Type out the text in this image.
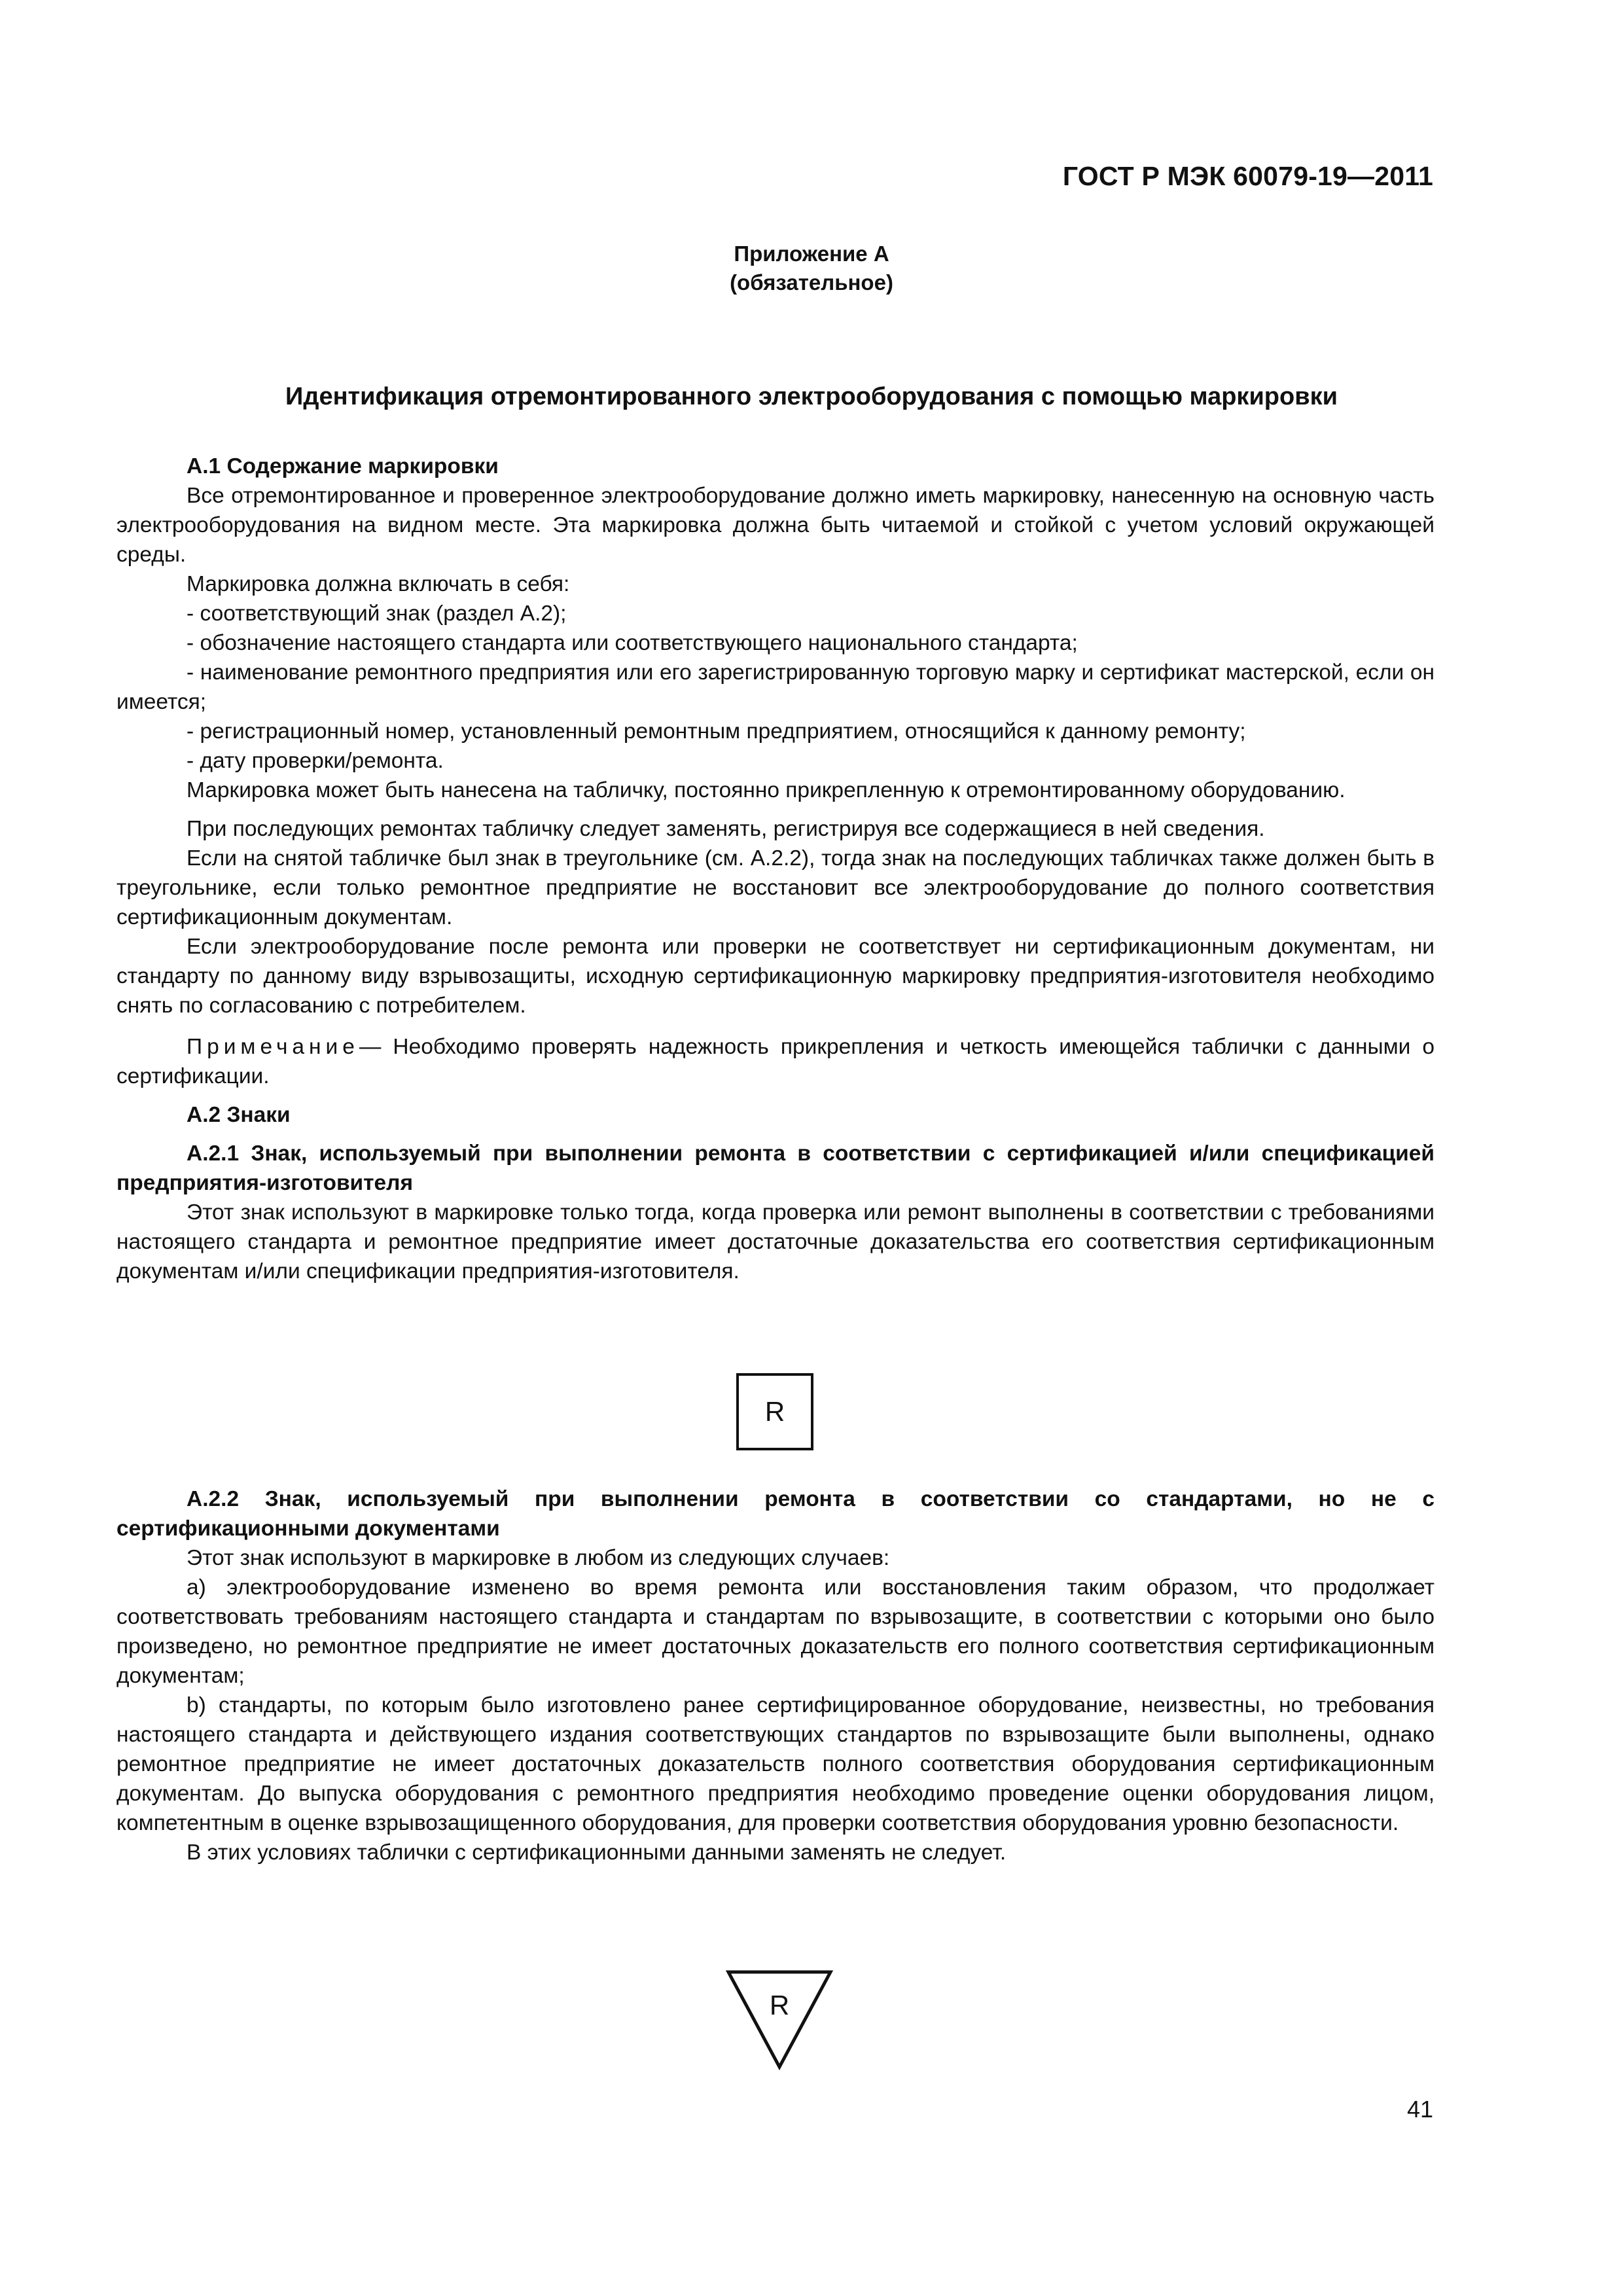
ГОСТ Р МЭК 60079-19—2011
Приложение А
(обязательное)
Идентификация отремонтированного электрооборудования с помощью маркировки

А.1 Содержание маркировки

Все отремонтированное и проверенное электрооборудование должно иметь маркировку, нанесенную на основную часть электрооборудования на видном месте. Эта маркировка должна быть читаемой и стойкой с учетом условий окружающей среды.

Маркировка должна включать в себя:

- соответствующий знак (раздел А.2);

- обозначение настоящего стандарта или соответствующего национального стандарта;

- наименование ремонтного предприятия или его зарегистрированную торговую марку и сертификат мастерской, если он имеется;

- регистрационный номер, установленный ремонтным предприятием, относящийся к данному ремонту;

- дату проверки/ремонта.

Маркировка может быть нанесена на табличку, постоянно прикрепленную к отремонтированному оборудованию.

При последующих ремонтах табличку следует заменять, регистрируя все содержащиеся в ней сведения.

Если на снятой табличке был знак в треугольнике (см. А.2.2), тогда знак на последующих табличках также должен быть в треугольнике, если только ремонтное предприятие не восстановит все электрооборудование до полного соответствия сертификационным документам.

Если электрооборудование после ремонта или проверки не соответствует ни сертификационным документам, ни стандарту по данному виду взрывозащиты, исходную сертификационную маркировку предприятия-изготовителя необходимо снять по согласованию с потребителем.

Примечание— Необходимо проверять надежность прикрепления и четкость имеющейся таблички с данными о сертификации.

А.2 Знаки

А.2.1 Знак, используемый при выполнении ремонта в соответствии с сертификацией и/или спецификацией предприятия-изготовителя

Этот знак используют в маркировке только тогда, когда проверка или ремонт выполнены в соответствии с требованиями настоящего стандарта и ремонтное предприятие имеет достаточные доказательства его соответствия сертификационным документам и/или спецификации предприятия-изготовителя.

R

А.2.2 Знак, используемый при выполнении ремонта в соответствии со стандартами, но не с сертификационными документами

Этот знак используют в маркировке в любом из следующих случаев:

а) электрооборудование изменено во время ремонта или восстановления таким образом, что продолжает соответствовать требованиям настоящего стандарта и стандартам по взрывозащите, в соответствии с которыми оно было произведено, но ремонтное предприятие не имеет достаточных доказательств его полного соответствия сертификационным документам;

b) стандарты, по которым было изготовлено ранее сертифицированное оборудование, неизвестны, но требования настоящего стандарта и действующего издания соответствующих стандартов по взрывозащите были выполнены, однако ремонтное предприятие не имеет достаточных доказательств полного соответствия оборудования сертификационным документам. До выпуска оборудования с ремонтного предприятия необходимо проведение оценки оборудования лицом, компетентным в оценке взрывозащищенного оборудования, для проверки соответствия оборудования уровню безопасности.

В этих условиях таблички с сертификационными данными заменять не следует.

R
41
